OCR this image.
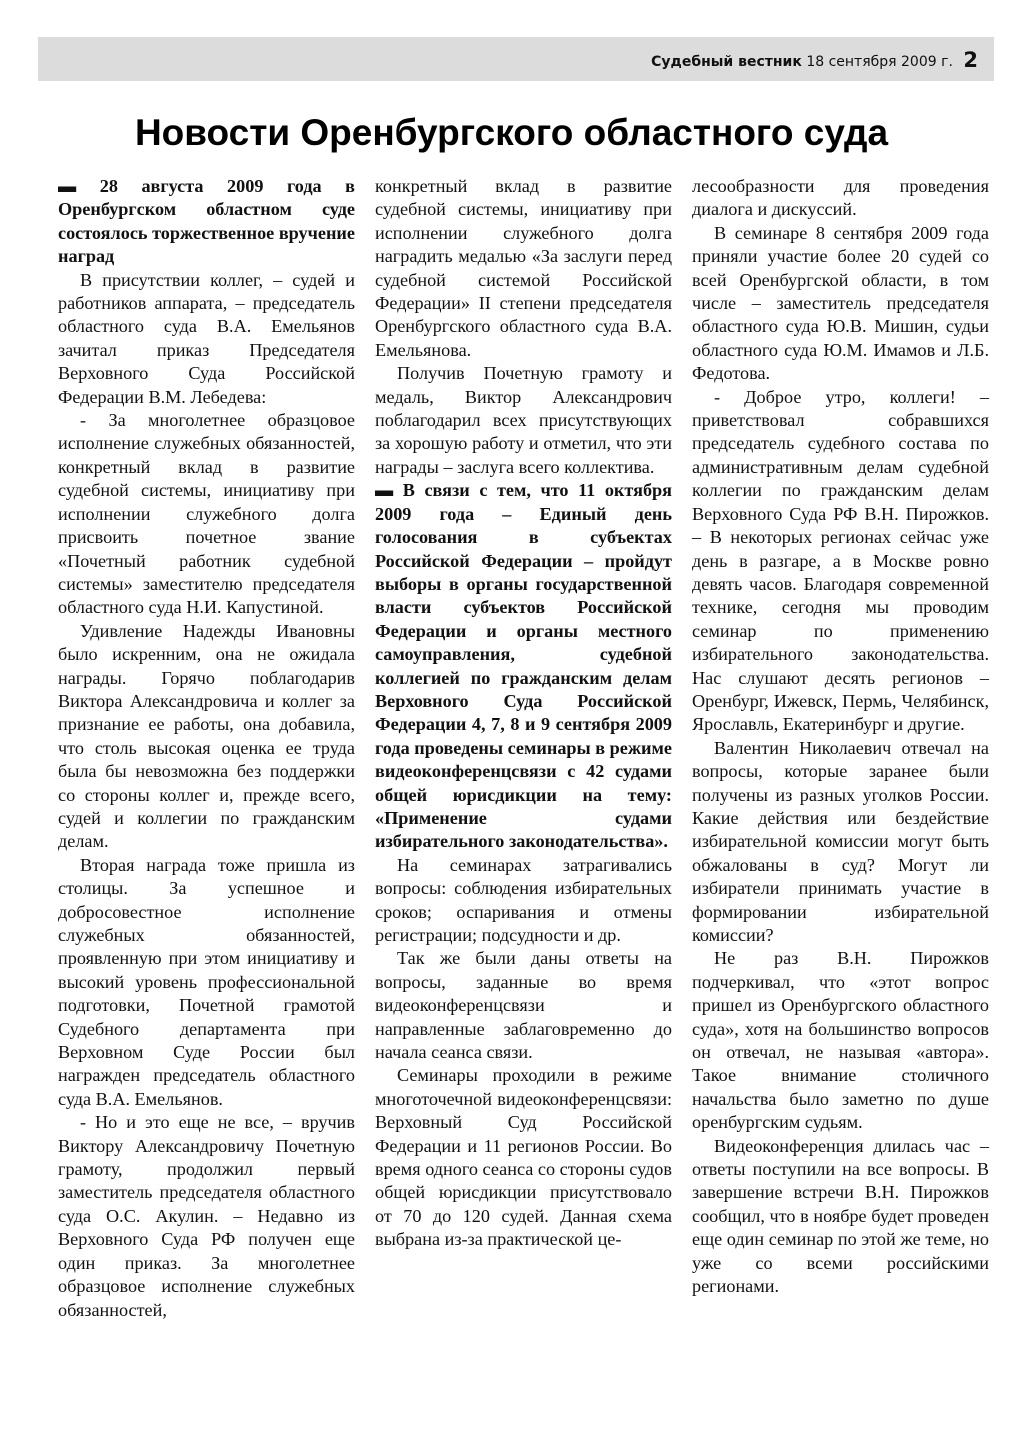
Судебный вестник 18 сентября 2009 г. 2
Новости Оренбургского областного суда

▬ 28 августа 2009 года в Оренбургском областном суде состоялось торжественное вручение наград

В присутствии коллег, – судей и работников аппарата, – председатель областного суда В.А. Емельянов зачитал приказ Председателя Верховного Суда Российской Федерации В.М. Лебедева:

- За многолетнее образцовое исполнение служебных обязанностей, конкретный вклад в развитие судебной системы, инициативу при исполнении служебного долга присвоить почетное звание «Почетный работник судебной системы» заместителю председателя областного суда Н.И. Капустиной.

Удивление Надежды Ивановны было искренним, она не ожидала награды. Горячо поблагодарив Виктора Александровича и коллег за признание ее работы, она добавила, что столь высокая оценка ее труда была бы невозможна без поддержки со стороны коллег и, прежде всего, судей и коллегии по гражданским делам.

Вторая награда тоже пришла из столицы. За успешное и добросовестное исполнение служебных обязанностей, проявленную при этом инициативу и высокий уровень профессиональной подготовки, Почетной грамотой Судебного департамента при Верховном Суде России был награжден председатель областного суда В.А. Емельянов.

- Но и это еще не все, – вручив Виктору Александровичу Почетную грамоту, продолжил первый заместитель председателя областного суда О.С. Акулин. – Недавно из Верховного Суда РФ получен еще один приказ. За многолетнее образцовое исполнение служебных обязанностей,

конкретный вклад в развитие судебной системы, инициативу при исполнении служебного долга наградить медалью «За заслуги перед судебной системой Российской Федерации» II степени председателя Оренбургского областного суда В.А. Емельянова.

Получив Почетную грамоту и медаль, Виктор Александрович поблагодарил всех присутствующих за хорошую работу и отметил, что эти награды – заслуга всего коллектива.

▬ В связи с тем, что 11 октября 2009 года – Единый день голосования в субъектах Российской Федерации – пройдут выборы в органы государственной власти субъектов Российской Федерации и органы местного самоуправления, судебной коллегией по гражданским делам Верховного Суда Российской Федерации 4, 7, 8 и 9 сентября 2009 года проведены семинары в режиме видеоконференцсвязи с 42 судами общей юрисдикции на тему: «Применение судами избирательного законодательства».

На семинарах затрагивались вопросы: соблюдения избирательных сроков; оспаривания и отмены регистрации; подсудности и др.

Так же были даны ответы на вопросы, заданные во время видеоконференцсвязи и направленные заблаговременно до начала сеанса связи.

Семинары проходили в режиме многоточечной видеоконференцсвязи: Верховный Суд Российской Федерации и 11 регионов России. Во время одного сеанса со стороны судов общей юрисдикции присутствовало от 70 до 120 судей. Данная схема выбрана из-за практической це-

лесообразности для проведения диалога и дискуссий.

В семинаре 8 сентября 2009 года приняли участие более 20 судей со всей Оренбургской области, в том числе – заместитель председателя областного суда Ю.В. Мишин, судьи областного суда Ю.М. Имамов и Л.Б. Федотова.

- Доброе утро, коллеги! – приветствовал собравшихся председатель судебного состава по административным делам судебной коллегии по гражданским делам Верховного Суда РФ В.Н. Пирожков. – В некоторых регионах сейчас уже день в разгаре, а в Москве ровно девять часов. Благодаря современной технике, сегодня мы проводим семинар по применению избирательного законодательства. Нас слушают десять регионов – Оренбург, Ижевск, Пермь, Челябинск, Ярославль, Екатеринбург и другие.

Валентин Николаевич отвечал на вопросы, которые заранее были получены из разных уголков России. Какие действия или бездействие избирательной комиссии могут быть обжалованы в суд? Могут ли избиратели принимать участие в формировании избирательной комиссии?

Не раз В.Н. Пирожков подчеркивал, что «этот вопрос пришел из Оренбургского областного суда», хотя на большинство вопросов он отвечал, не называя «автора». Такое внимание столичного начальства было заметно по душе оренбургским судьям.

Видеоконференция длилась час – ответы поступили на все вопросы. В завершение встречи В.Н. Пирожков сообщил, что в ноябре будет проведен еще один семинар по этой же теме, но уже со всеми российскими регионами.
